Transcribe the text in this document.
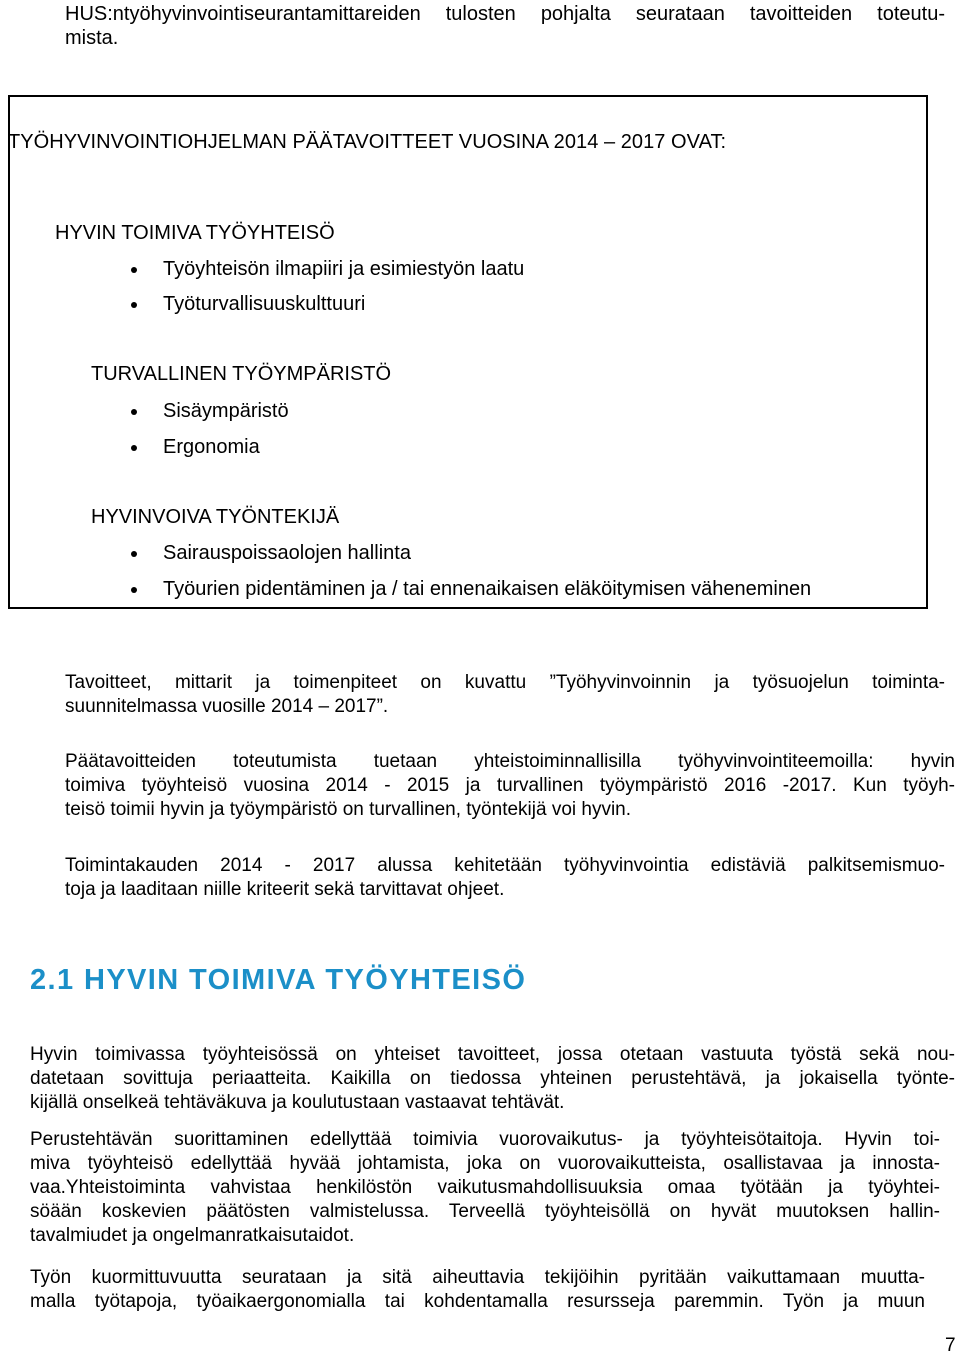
HUS:ntyöhyvinvointiseurantamittareiden tulosten pohjalta seurataan tavoitteiden toteutu-
mista.
TYÖHYVINVOINTIOHJELMAN PÄÄTAVOITTEET VUOSINA 2014 – 2017 OVAT:
HYVIN TOIMIVA TYÖYHTEISÖ
Työyhteisön ilmapiiri ja esimiestyön laatu
Työturvallisuuskulttuuri
TURVALLINEN TYÖYMPÄRISTÖ
Sisäympäristö
Ergonomia
HYVINVOIVA TYÖNTEKIJÄ
Sairauspoissaolojen hallinta
Työurien pidentäminen ja / tai ennenaikaisen eläköitymisen väheneminen
Tavoitteet, mittarit ja toimenpiteet on kuvattu ”Työhyvinvoinnin ja työsuojelun toiminta-
suunnitelmassa vuosille 2014 – 2017”.
Päätavoitteiden toteutumista tuetaan yhteistoiminnallisilla työhyvinvointiteemoilla: hyvin
toimiva työyhteisö vuosina 2014 - 2015 ja turvallinen työympäristö 2016 -2017. Kun työyh-
teisö toimii hyvin ja työympäristö on turvallinen, työntekijä voi hyvin.
Toimintakauden 2014 - 2017 alussa kehitetään työhyvinvointia edistäviä palkitsemismuo-
toja ja laaditaan niille kriteerit sekä tarvittavat ohjeet.
2.1 HYVIN TOIMIVA TYÖYHTEISÖ
Hyvin toimivassa työyhteisössä on yhteiset tavoitteet, jossa otetaan vastuuta työstä sekä nou-
datetaan sovittuja periaatteita. Kaikilla on tiedossa yhteinen perustehtävä, ja jokaisella työnte-
kijällä onselkeä tehtäväkuva ja koulutustaan vastaavat tehtävät.
Perustehtävän suorittaminen edellyttää toimivia vuorovaikutus- ja työyhteisötaitoja. Hyvin toi-
miva työyhteisö edellyttää hyvää johtamista, joka on vuorovaikutteista, osallistavaa ja innosta-
vaa.Yhteistoiminta vahvistaa henkilöstön vaikutusmahdollisuuksia omaa työtään ja työyhtei-
söään koskevien päätösten valmistelussa. Terveellä työyhteisöllä on hyvät muutoksen hallin-
tavalmiudet ja ongelmanratkaisutaidot.
Työn kuormittuvuutta seurataan ja sitä aiheuttavia tekijöihin pyritään vaikuttamaan muutta-
malla työtapoja, työaikaergonomialla tai kohdentamalla resursseja paremmin. Työn ja muun
7
